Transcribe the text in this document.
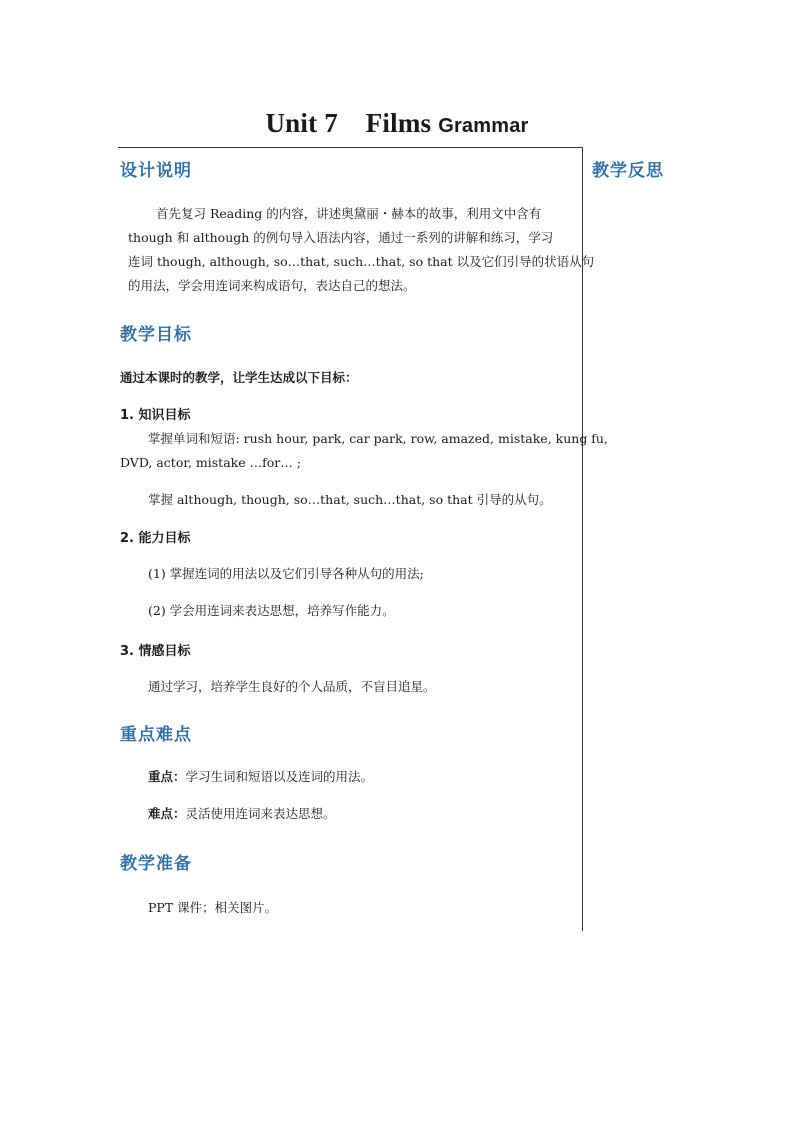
Unit 7    Films Grammar
教学反思
设计说明
首先复习 Reading 的内容，讲述奥黛丽・赫本的故事，利用文中含有
though 和 although 的例句导入语法内容，通过一系列的讲解和练习，学习
连词 though, although, so…that, such…that, so that 以及它们引导的状语从句
的用法，学会用连词来构成语句，表达自己的想法。
教学目标
通过本课时的教学，让学生达成以下目标：
1. 知识目标
掌握单词和短语: rush hour, park, car park, row, amazed, mistake, kung fu,
DVD, actor, mistake …for… ;
掌握 although, though, so…that, such…that, so that 引导的从句。
2. 能力目标
(1) 掌握连词的用法以及它们引导各种从句的用法;
(2) 学会用连词来表达思想，培养写作能力。
3. 情感目标
通过学习，培养学生良好的个人品质，不盲目追星。
重点难点
重点：学习生词和短语以及连词的用法。
难点：灵活使用连词来表达思想。
教学准备
PPT 课件；相关图片。
